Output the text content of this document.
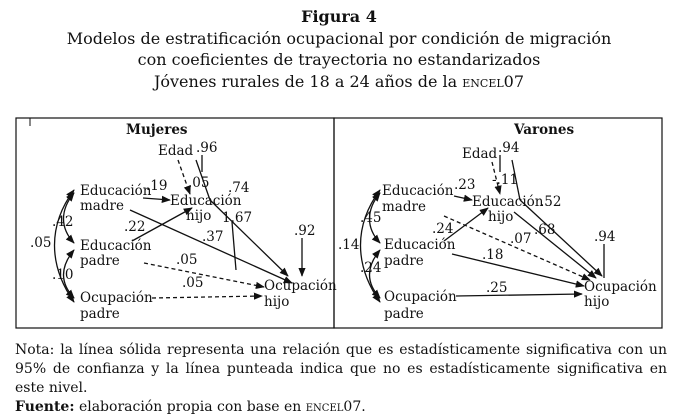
Figura 4
Modelos de estratificación ocupacional por condición de migración
con coeficientes de trayectoria no estandarizados
Jóvenes rurales de 18 a 24 años de la encel07
Mujeres
Edad
Educación
madre	Educación
hijo
Educación
padre
Ocupación
padre
Ocupación
hijo
.96
.05 .74
.19
1.67
.92
.22
.37
.05
.05
.42
.05
.10
Varones
Edad
Educación
madre	Educación
hijo
Educación
padre
Ocupación
padre
Ocupación
hijo
.94
-.11
.52
.23
.24
.07
.68	.94
.18
.25
.45
.14
.24

Nota: la línea sólida representa una relación que es estadísticamente significativa con un 95% de confianza y la línea punteada indica que no es estadísticamente significativa en este nivel.

Fuente: elaboración propia con base en encel07.
